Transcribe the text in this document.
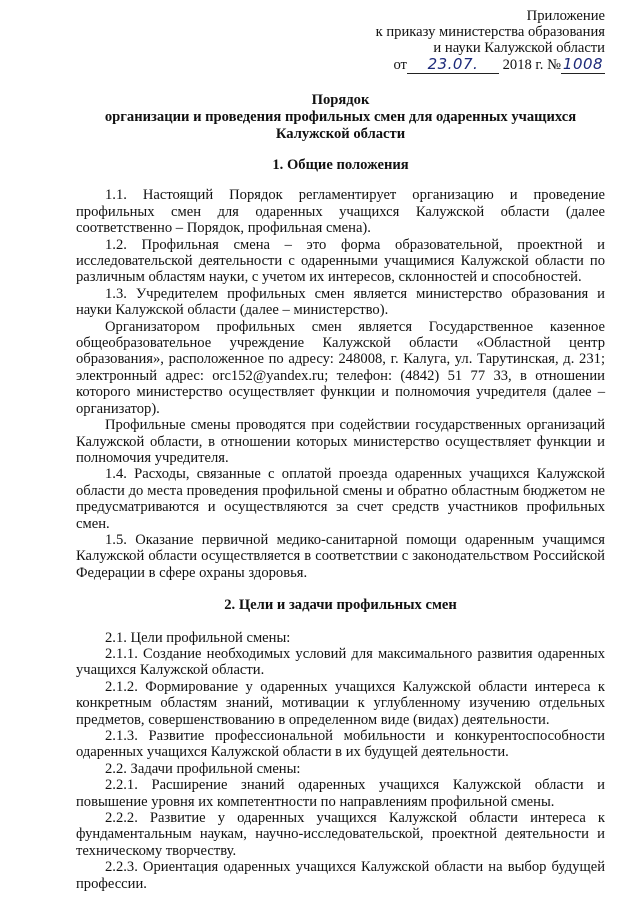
Приложение
к приказу министерства образования
и науки Калужской области
от 23.07. 2018 г. № 1008
Порядок
организации и проведения профильных смен для одаренных учащихся
Калужской области
1. Общие положения

1.1. Настоящий Порядок регламентирует организацию и проведение профильных смен для одаренных учащихся Калужской области (далее соответственно – Порядок, профильная смена).

1.2. Профильная смена – это форма образовательной, проектной и исследовательской деятельности с одаренными учащимися Калужской области по различным областям науки, с учетом их интересов, склонностей и способностей.

1.3. Учредителем профильных смен является министерство образования и науки Калужской области (далее – министерство).

Организатором профильных смен является Государственное казенное общеобразовательное учреждение Калужской области «Областной центр образования», расположенное по адресу: 248008, г. Калуга, ул. Тарутинская, д. 231; электронный адрес: orc152@yandex.ru; телефон: (4842) 51 77 33, в отношении которого министерство осуществляет функции и полномочия учредителя (далее – организатор).

Профильные смены проводятся при содействии государственных организаций Калужской области, в отношении которых министерство осуществляет функции и полномочия учредителя.

1.4. Расходы, связанные с оплатой проезда одаренных учащихся Калужской области до места проведения профильной смены и обратно областным бюджетом не предусматриваются и осуществляются за счет средств участников профильных смен.

1.5. Оказание первичной медико-санитарной помощи одаренным учащимся Калужской области осуществляется в соответствии с законодательством Российской Федерации в сфере охраны здоровья.

2. Цели и задачи профильных смен

2.1. Цели профильной смены:

2.1.1. Создание необходимых условий для максимального развития одаренных учащихся Калужской области.

2.1.2. Формирование у одаренных учащихся Калужской области интереса к конкретным областям знаний, мотивации к углубленному изучению отдельных предметов, совершенствованию в определенном виде (видах) деятельности.

2.1.3. Развитие профессиональной мобильности и конкурентоспособности одаренных учащихся Калужской области в их будущей деятельности.

2.2. Задачи профильной смены:

2.2.1. Расширение знаний одаренных учащихся Калужской области и повышение уровня их компетентности по направлениям профильной смены.

2.2.2. Развитие у одаренных учащихся Калужской области интереса к фундаментальным наукам, научно-исследовательской, проектной деятельности и техническому творчеству.

2.2.3. Ориентация одаренных учащихся Калужской области на выбор будущей профессии.
